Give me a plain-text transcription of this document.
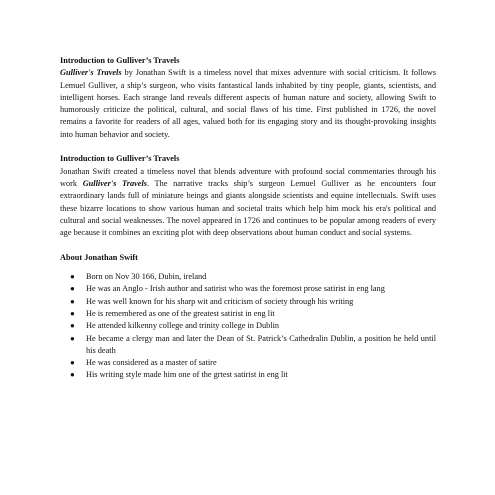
Introduction to Gulliver’s Travels

Gulliver's Travels by Jonathan Swift is a timeless novel that mixes adventure with social criticism. It follows Lemuel Gulliver, a ship’s surgeon, who visits fantastical lands inhabited by tiny people, giants, scientists, and intelligent horses. Each strange land reveals different aspects of human nature and society, allowing Swift to humorously criticize the political, cultural, and social flaws of his time. First published in 1726, the novel remains a favorite for readers of all ages, valued both for its engaging story and its thought-provoking insights into human behavior and society.

Introduction to Gulliver’s Travels

Jonathan Swift created a timeless novel that blends adventure with profound social commentaries through his work Gulliver's Travels. The narrative tracks ship’s surgeon Lemuel Gulliver as he encounters four extraordinary lands full of miniature beings and giants alongside scientists and equine intellectuals. Swift uses these bizarre locations to show various human and societal traits which help him mock his era's political and cultural and social weaknesses. The novel appeared in 1726 and continues to be popular among readers of every age because it combines an exciting plot with deep observations about human conduct and social systems.

About Jonathan Swift

● Born on Nov 30 166, Dubin, ireland
● He was an Anglo - Irish author and satirist who was the foremost prose satirist in eng lang
● He was well known for his sharp wit and criticism of society through his writing
● He is remembered as one of the greatest satirist in eng lit
● He attended kilkenny college and trinity college in Dublin
● He became a clergy man and later the Dean of St. Patrick’s Cathedralin Dublin, a position he held until his death
● He was considered as a master of satire
● His writing style made him one of the grtest satirist in eng lit
